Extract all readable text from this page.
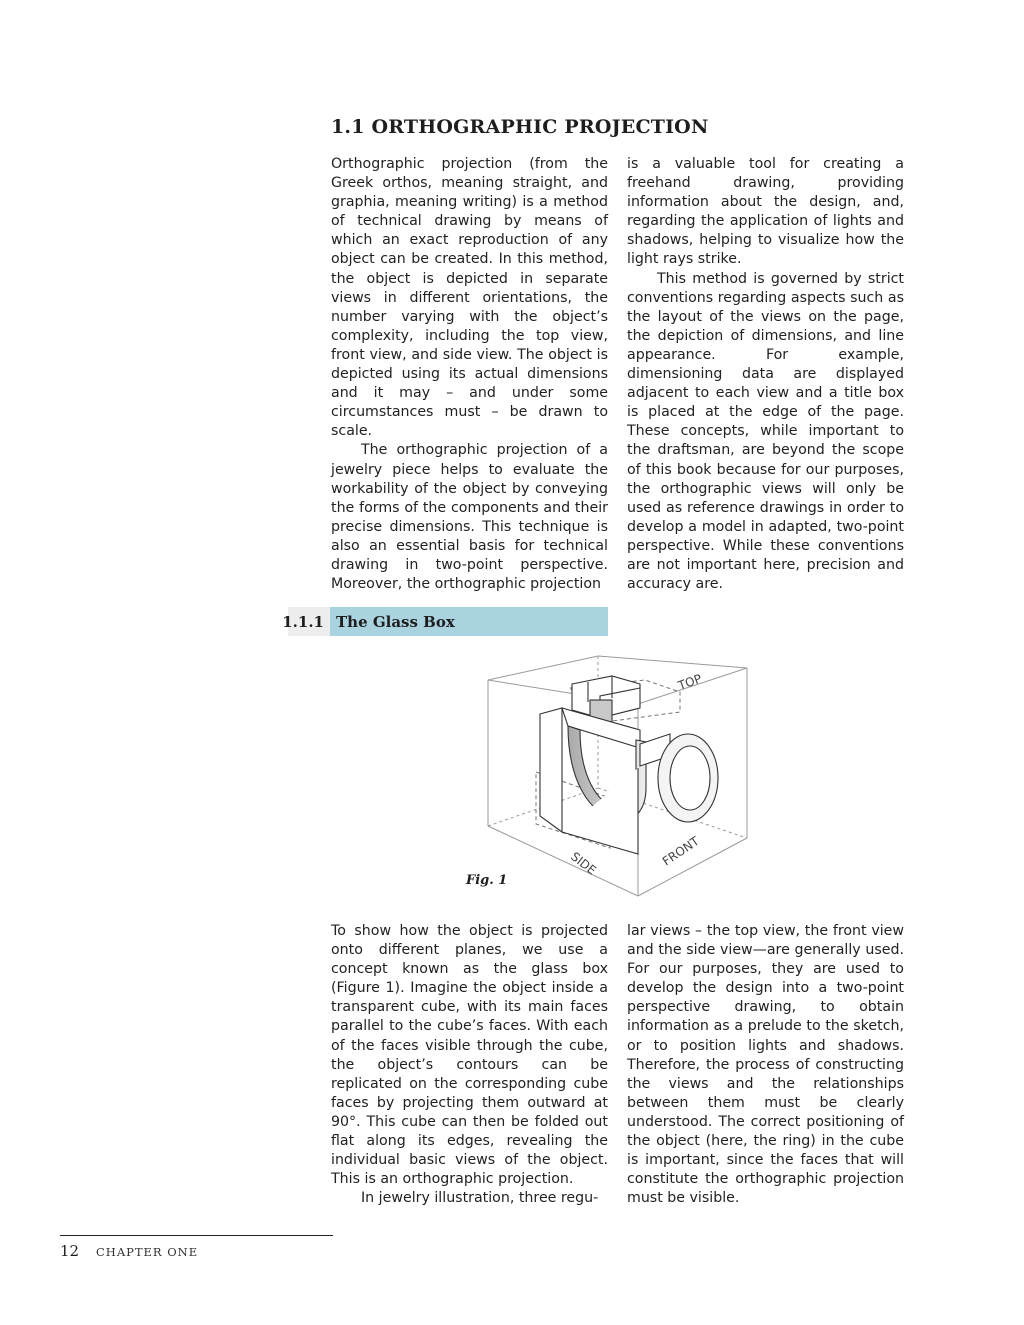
1.1 ORTHOGRAPHIC PROJECTION

Orthographic projection (from the Greek orthos, meaning straight, and graphia, meaning writing) is a method of technical drawing by means of which an exact reproduction of any object can be created. In this method, the object is depicted in separate views in different orientations, the number varying with the object’s complexity, including the top view, front view, and side view. The object is depicted using its actual dimensions and it may – and under some circumstances must – be drawn to scale.

The orthographic projection of a jewelry piece helps to evaluate the workability of the object by conveying the forms of the components and their precise dimensions. This technique is also an essential basis for technical drawing in two-point perspective. Moreover, the orthographic projection

is a valuable tool for creating a freehand drawing, providing information about the design, and, regarding the application of lights and shadows, helping to visualize how the light rays strike.

This method is governed by strict conventions regarding aspects such as the layout of the views on the page, the depiction of dimensions, and line appearance. For example, dimensioning data are displayed adjacent to each view and a title box is placed at the edge of the page. These concepts, while important to the draftsman, are beyond the scope of this book because for our purposes, the orthographic views will only be used as reference drawings in order to develop a model in adapted, two-point perspective. While these conventions are not important here, precision and accuracy are.

1.1.1 The Glass Box
TOP
SIDE	FRONT
Fig. 1

To show how the object is projected onto different planes, we use a concept known as the glass box (Figure 1). Imagine the object inside a transparent cube, with its main faces parallel to the cube’s faces. With each of the faces visible through the cube, the object’s contours can be replicated on the corresponding cube faces by projecting them outward at 90°. This cube can then be folded out flat along its edges, revealing the individual basic views of the object. This is an orthographic projection.

In jewelry illustration, three regu-

lar views – the top view, the front view and the side view—are generally used. For our purposes, they are used to develop the design into a two-point perspective drawing, to obtain information as a prelude to the sketch, or to position lights and shadows. Therefore, the process of constructing the views and the relationships between them must be clearly understood. The correct positioning of the object (here, the ring) in the cube is important, since the faces that will constitute the orthographic projection must be visible.

12 CHAPTER ONE
